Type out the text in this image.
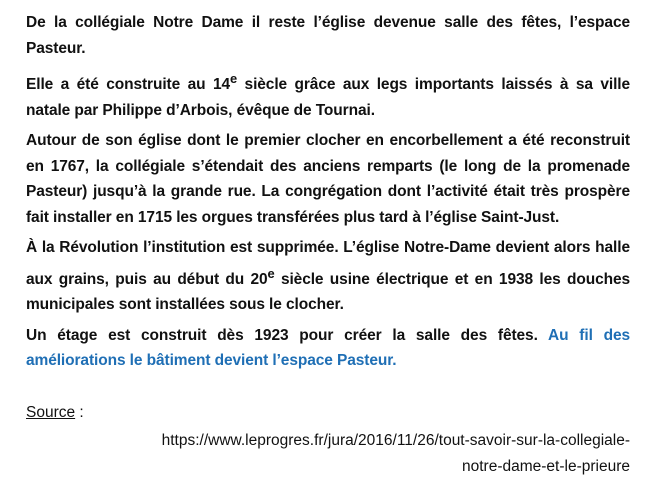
De la collégiale Notre Dame il reste l’église devenue salle des fêtes, l’espace Pasteur.

Elle a été construite au 14e siècle grâce aux legs importants laissés à sa ville natale par Philippe d’Arbois, évêque de Tournai.

Autour de son église dont le premier clocher en encorbellement a été reconstruit en 1767, la collégiale s’étendait des anciens remparts (le long de la promenade Pasteur) jusqu’à la grande rue. La congrégation dont l’activité était très prospère fait installer en 1715 les orgues transférées plus tard à l’église Saint-Just.

À la Révolution l’institution est supprimée. L’église Notre-Dame devient alors halle aux grains, puis au début du 20e siècle usine électrique et en 1938 les douches municipales sont installées sous le clocher.

Un étage est construit dès 1923 pour créer la salle des fêtes. Au fil des améliorations le bâtiment devient l’espace Pasteur.

Source :
https://www.leprogres.fr/jura/2016/11/26/tout-savoir-sur-la-collegiale-
notre-dame-et-le-prieure
